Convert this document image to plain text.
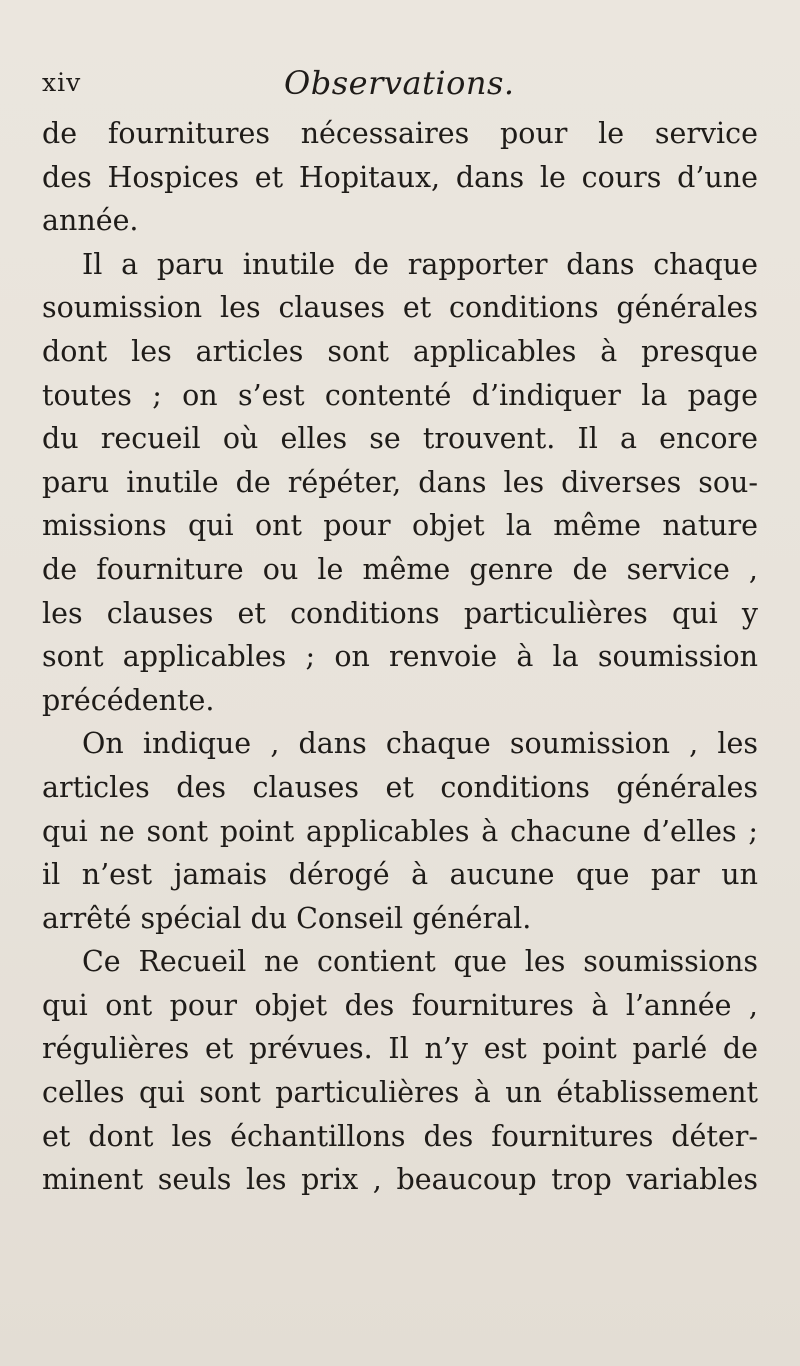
xiv	Observations.
de fournitures nécessaires pour le service
des Hospices et Hopitaux, dans le cours d’une
année.
Il a paru inutile de rapporter dans chaque
soumission les clauses et conditions générales
dont les articles sont applicables à presque
toutes ; on s’est contenté d’indiquer la page
du recueil où elles se trouvent. Il a encore
paru inutile de répéter, dans les diverses sou-
missions qui ont pour objet la même nature
de fourniture ou le même genre de service ,
les clauses et conditions particulières qui y
sont applicables ; on renvoie à la soumission
précédente.
On indique , dans chaque soumission , les
articles des clauses et conditions générales
qui ne sont point applicables à chacune d’elles ;
il n’est jamais dérogé à aucune que par un
arrêté spécial du Conseil général.
Ce Recueil ne contient que les soumissions
qui ont pour objet des fournitures à l’année ,
régulières et prévues. Il n’y est point parlé de
celles qui sont particulières à un établissement
et dont les échantillons des fournitures déter-
minent seuls les prix , beaucoup trop variables
